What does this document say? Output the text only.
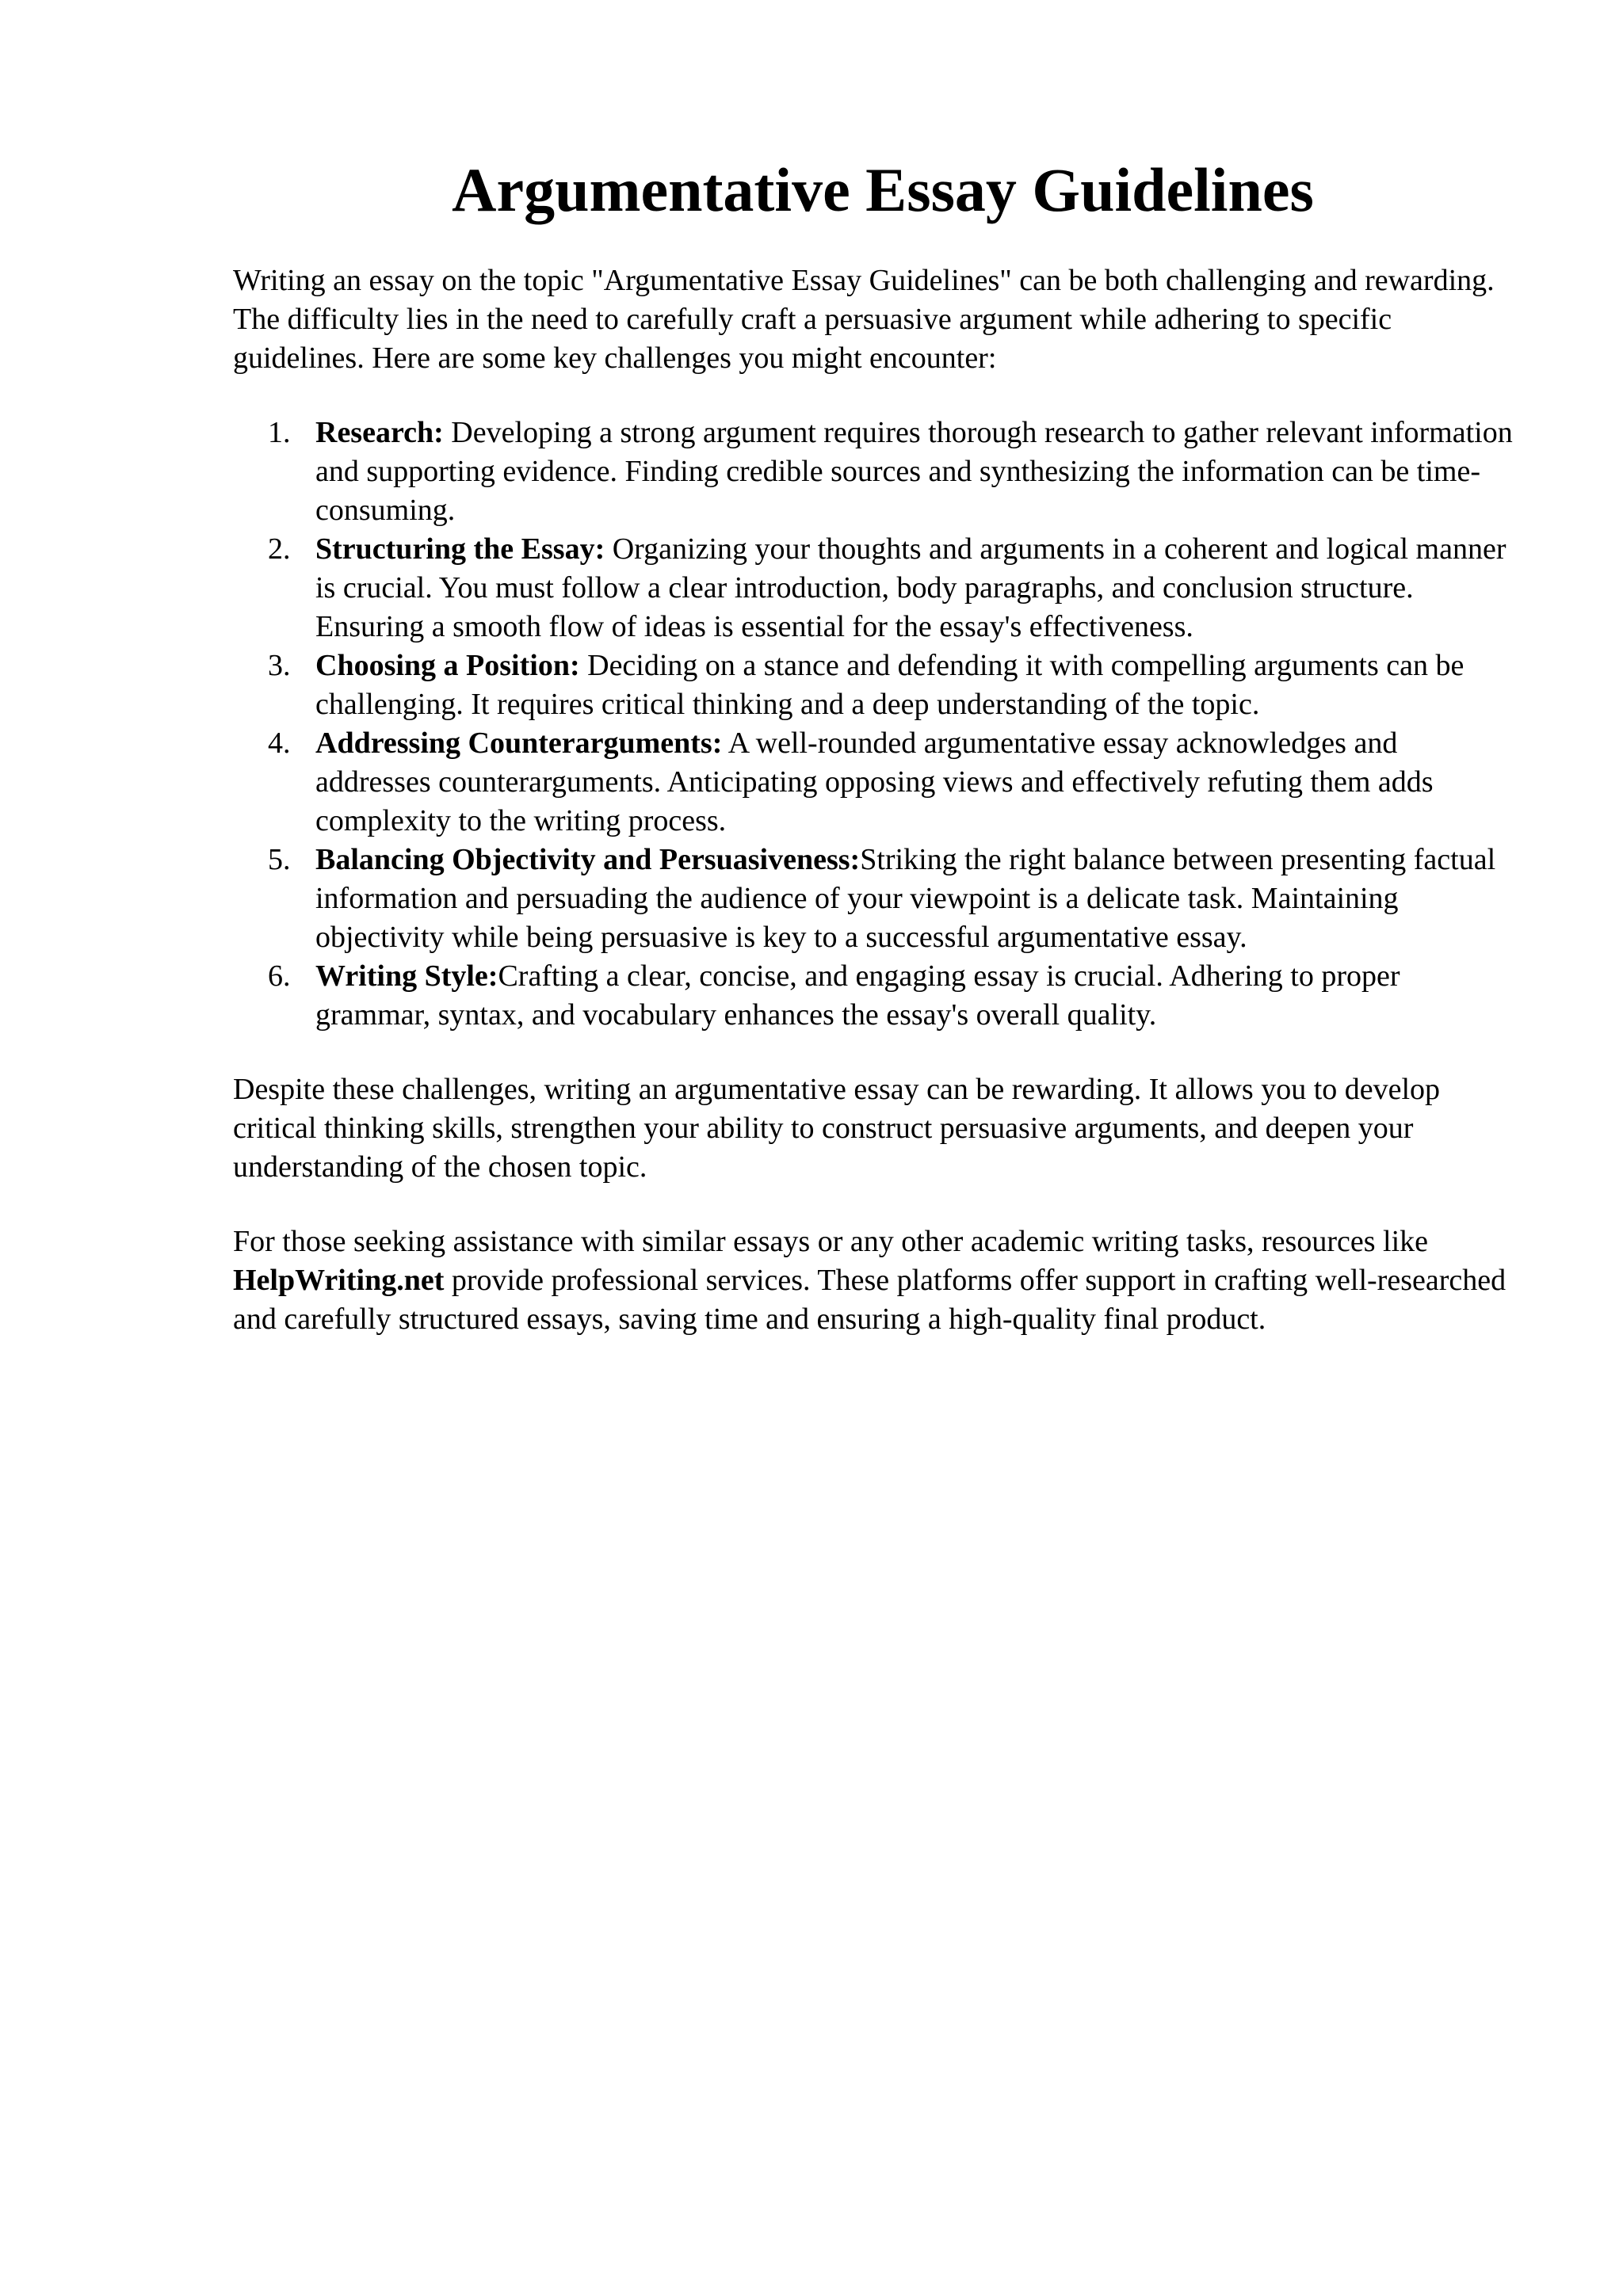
Argumentative Essay Guidelines

Writing an essay on the topic "Argumentative Essay Guidelines" can be both challenging and rewarding. The difficulty lies in the need to carefully craft a persuasive argument while adhering to specific guidelines. Here are some key challenges you might encounter:

1. Research: Developing a strong argument requires thorough research to gather relevant information and supporting evidence. Finding credible sources and synthesizing the information can be time-consuming.
2. Structuring the Essay: Organizing your thoughts and arguments in a coherent and logical manner is crucial. You must follow a clear introduction, body paragraphs, and conclusion structure. Ensuring a smooth flow of ideas is essential for the essay's effectiveness.
3. Choosing a Position: Deciding on a stance and defending it with compelling arguments can be challenging. It requires critical thinking and a deep understanding of the topic.
4. Addressing Counterarguments: A well-rounded argumentative essay acknowledges and addresses counterarguments. Anticipating opposing views and effectively refuting them adds complexity to the writing process.
5. Balancing Objectivity and Persuasiveness:Striking the right balance between presenting factual information and persuading the audience of your viewpoint is a delicate task. Maintaining objectivity while being persuasive is key to a successful argumentative essay.
6. Writing Style:Crafting a clear, concise, and engaging essay is crucial. Adhering to proper grammar, syntax, and vocabulary enhances the essay's overall quality.

Despite these challenges, writing an argumentative essay can be rewarding. It allows you to develop critical thinking skills, strengthen your ability to construct persuasive arguments, and deepen your understanding of the chosen topic.

For those seeking assistance with similar essays or any other academic writing tasks, resources like HelpWriting.net provide professional services. These platforms offer support in crafting well-researched and carefully structured essays, saving time and ensuring a high-quality final product.
